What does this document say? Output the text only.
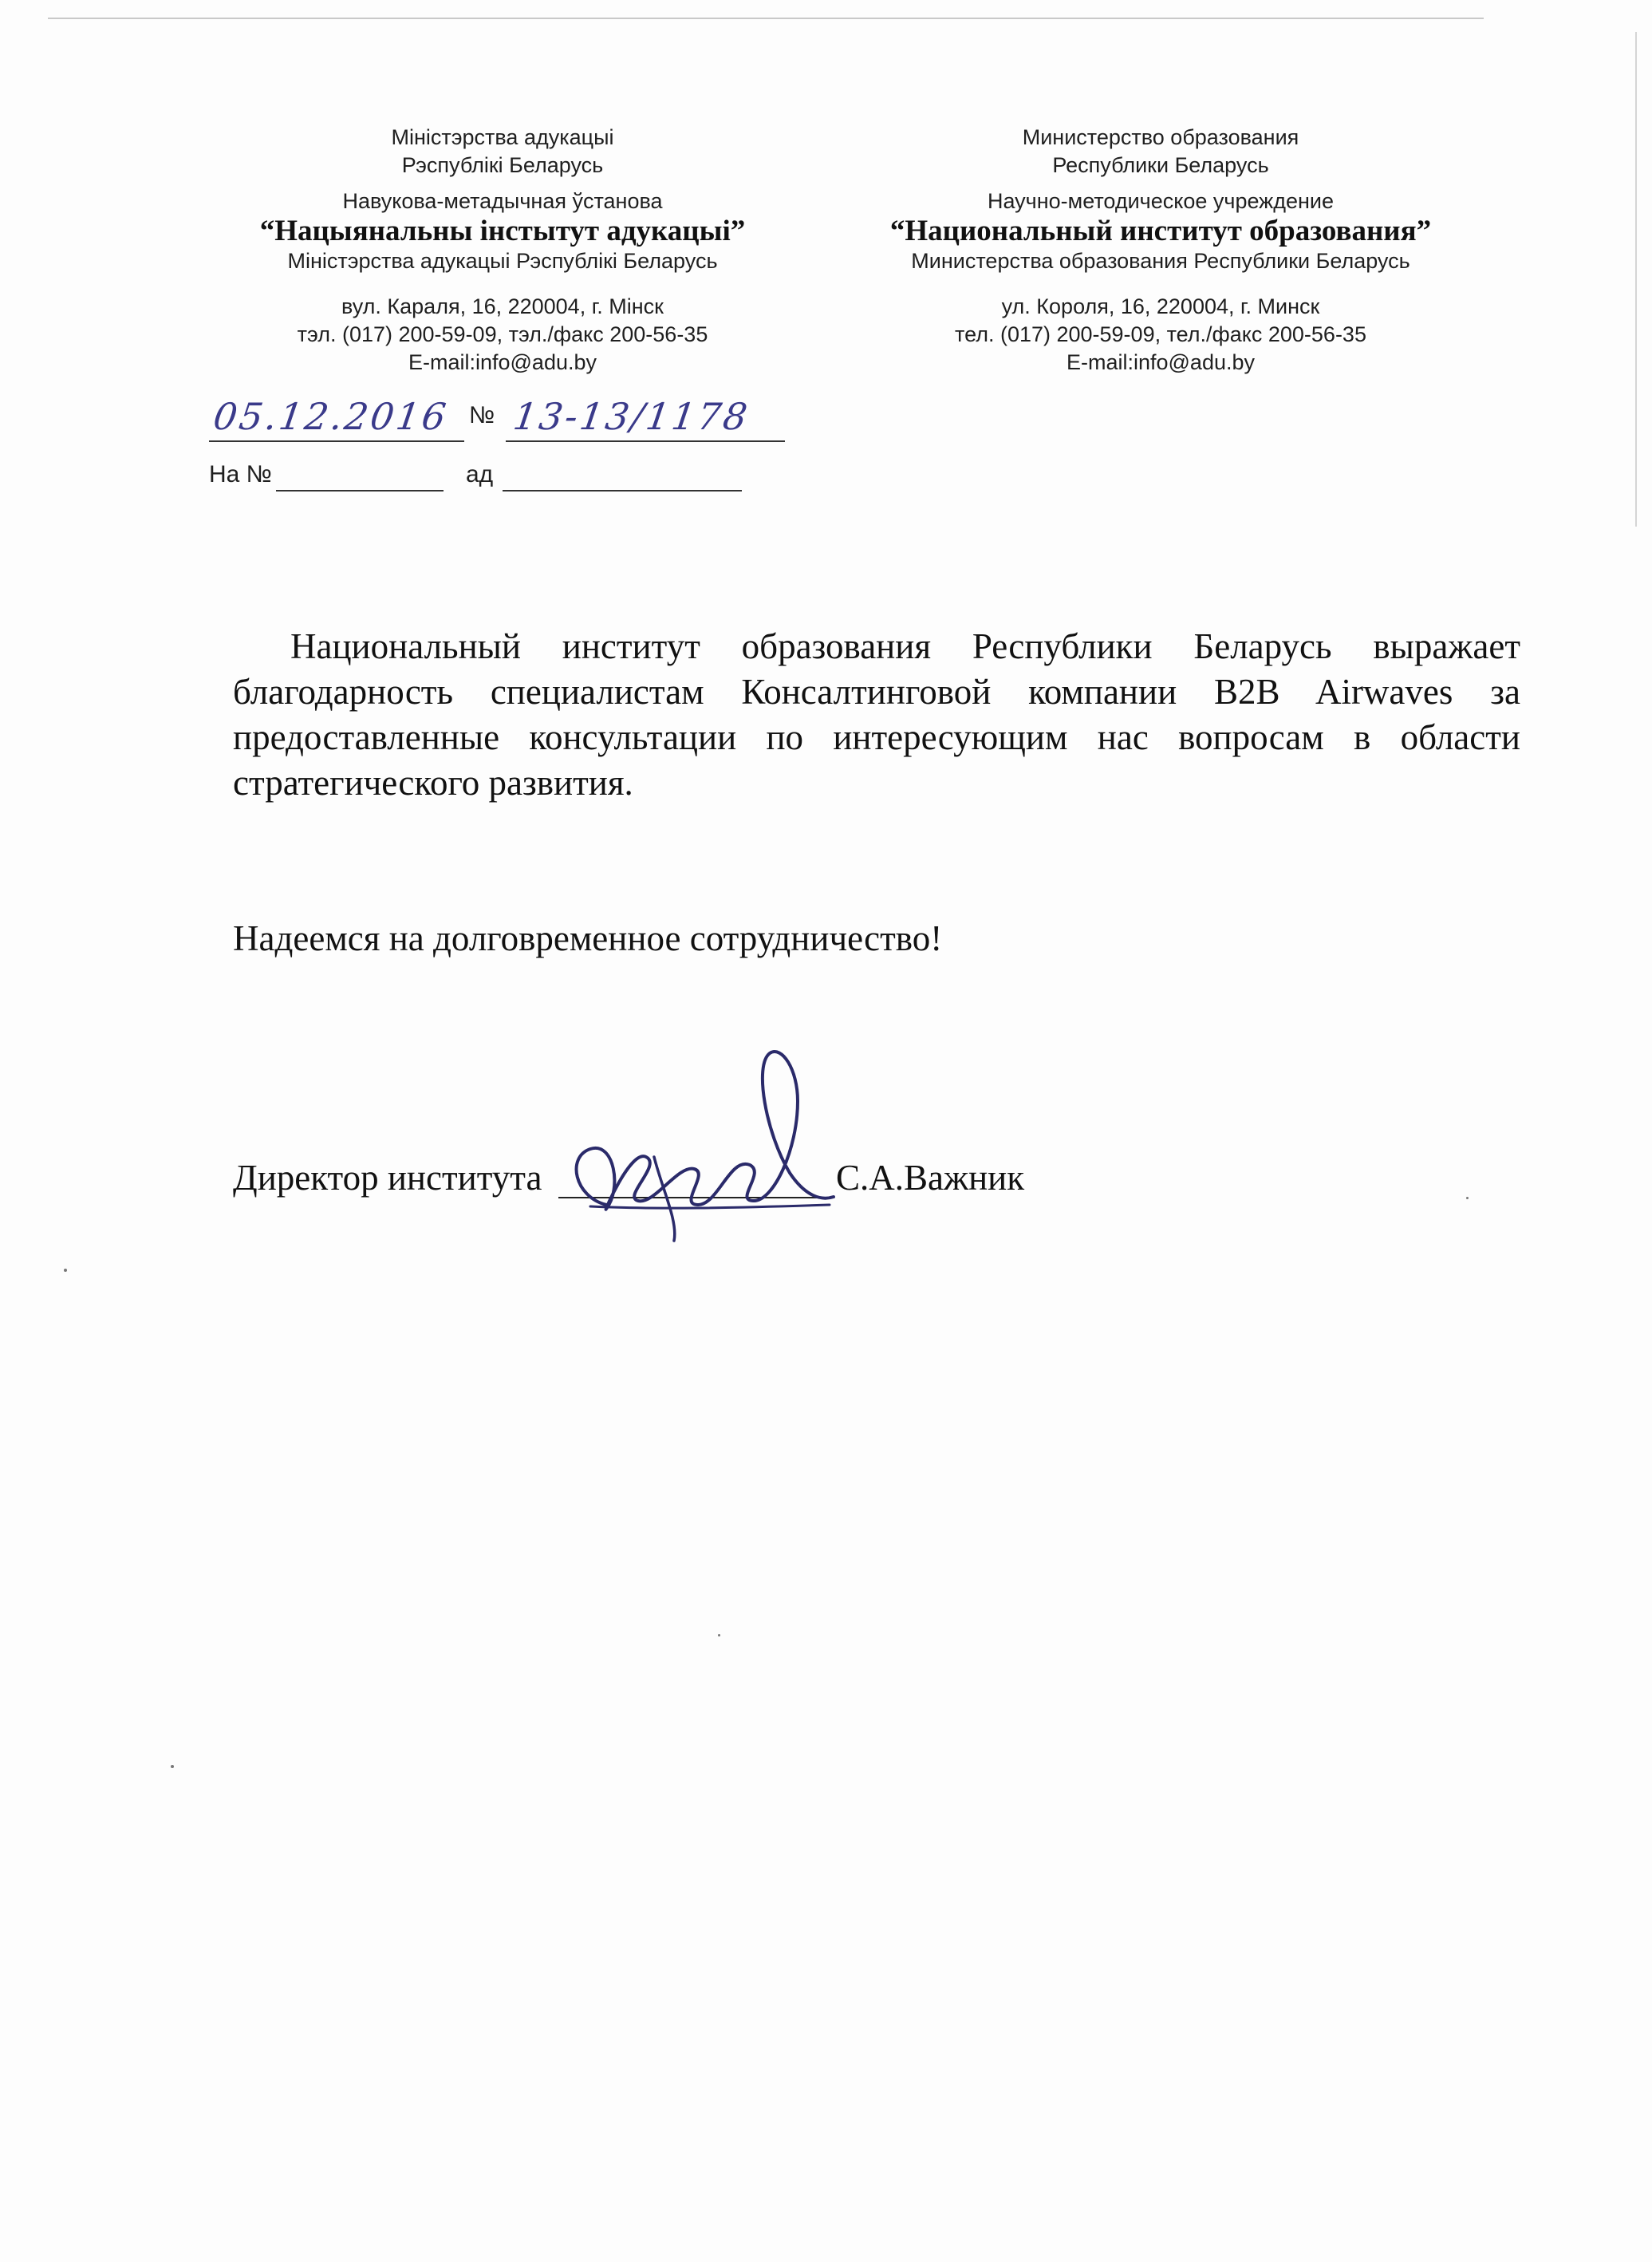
Міністэрства адукацыі
Рэспублікі Беларусь
Навукова-метадычная ўстанова
“Нацыянальны інстытут адукацыі”
Міністэрства адукацыі Рэспублікі Беларусь
вул. Караля, 16, 220004, г. Мінск
тэл. (017) 200-59-09, тэл./факс 200-56-35
E-mail:info@adu.by
Министерство образования
Республики Беларусь
Научно-методическое учреждение
“Национальный институт образования”
Министерства образования Республики Беларусь
ул. Короля, 16, 220004, г. Минск
тел. (017) 200-59-09, тел./факс 200-56-35
E-mail:info@adu.by
05.12.2016 № 13-13/1178
На №	ад
Национальный институт образования Республики Беларусь выражает благодарность специалистам Консалтинговой компании B2B Airwaves за предоставленные консультации по интересующим нас вопросам в области стратегического развития.
Надеемся на долговременное сотрудничество!
Директор института	С.А.Важник
